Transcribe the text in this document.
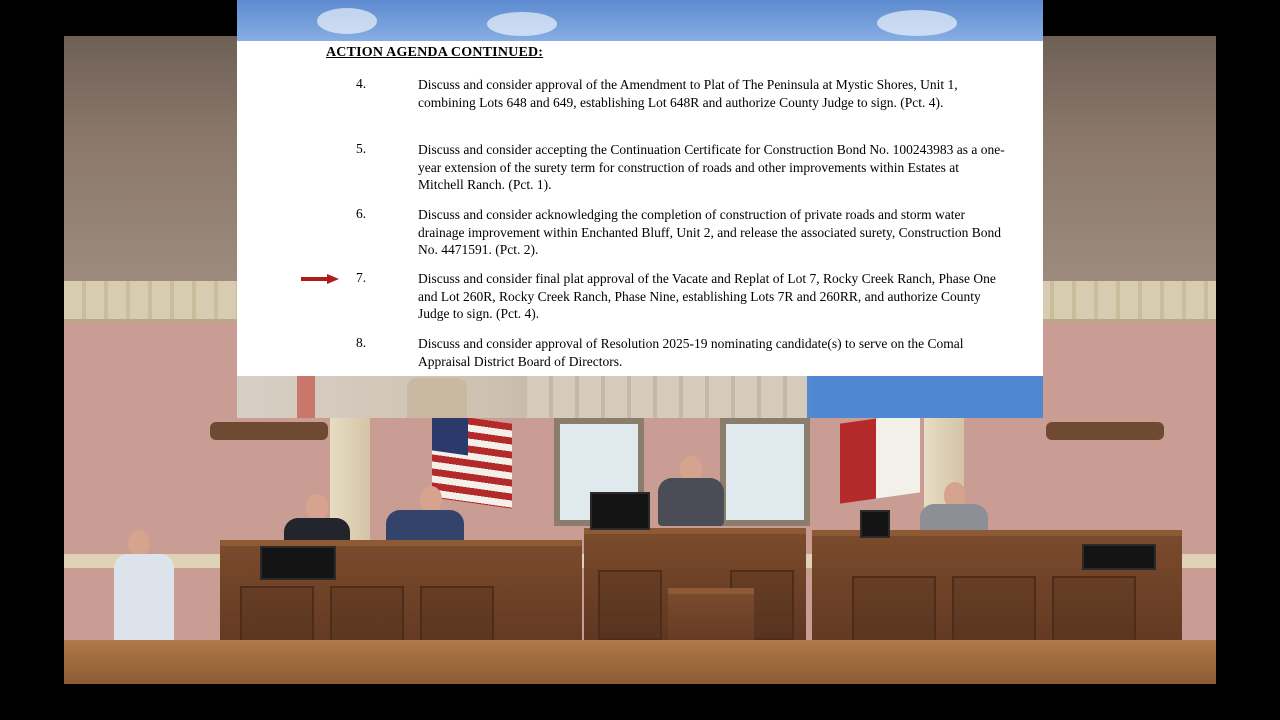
ACTION AGENDA CONTINUED:
4.	Discuss and consider approval of the Amendment to Plat of The Peninsula at Mystic Shores, Unit 1, combining Lots 648 and 649, establishing Lot 648R and authorize County Judge to sign. (Pct. 4).
5.	Discuss and consider accepting the Continuation Certificate for Construction Bond No. 100243983 as a one-year extension of the surety term for construction of roads and other improvements within Estates at Mitchell Ranch. (Pct. 1).
6.	Discuss and consider acknowledging the completion of construction of private roads and storm water drainage improvement within Enchanted Bluff, Unit 2, and release the associated surety, Construction Bond No. 4471591. (Pct. 2).
7.	Discuss and consider final plat approval of the Vacate and Replat of Lot 7, Rocky Creek Ranch, Phase One and Lot 260R, Rocky Creek Ranch, Phase Nine, establishing Lots 7R and 260RR, and authorize County Judge to sign. (Pct. 4).
8.	Discuss and consider approval of Resolution 2025-19 nominating candidate(s) to serve on the Comal Appraisal District Board of Directors.
